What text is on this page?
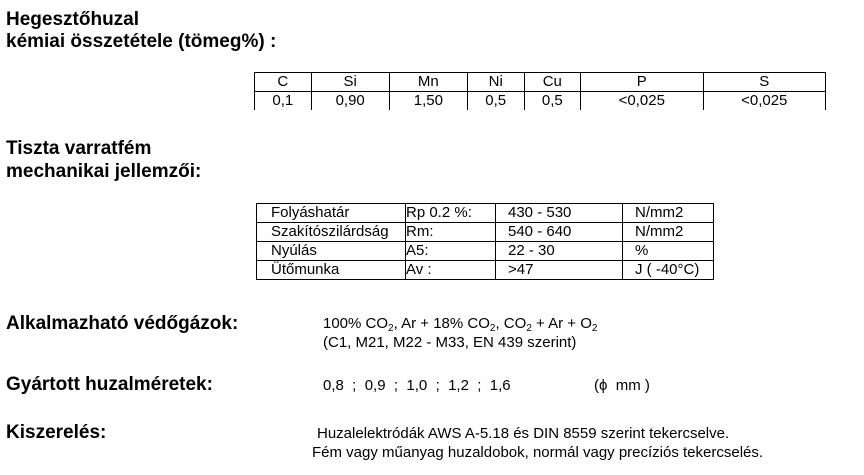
Hegesztőhuzal
kémiai összetétele (tömeg%) :
C	Si	Mn	Ni	Cu	P	S
0,1	0,90	1,50	0,5	0,5	<0,025	<0,025
Tiszta varratfém
mechanikai jellemzői:
Folyáshatár	Rp 0.2 %:	430 - 530	N/mm2
Szakítószilárdság	Rm:	540 - 640	N/mm2
Nyúlás	A5:	22 - 30	%
Ütőmunka	Av :	>47	J ( -40°C)
Alkalmazható védőgázok:	100% $CO_2$, Ar + 18% $CO_2$, $CO_2 + Ar + O_2$
(C1, M21, M22 - M33, EN 439 szerint)
Gyártott huzalméretek:	0,8  ;  0,9  ;  1,0  ;  1,2  ;  1,6	(ϕ  mm )
Kiszerelés:	Huzalelektródák AWS A-5.18 és DIN 8559 szerint tekercselve.
Fém vagy műanyag huzaldobok, normál vagy precíziós tekercselés.
